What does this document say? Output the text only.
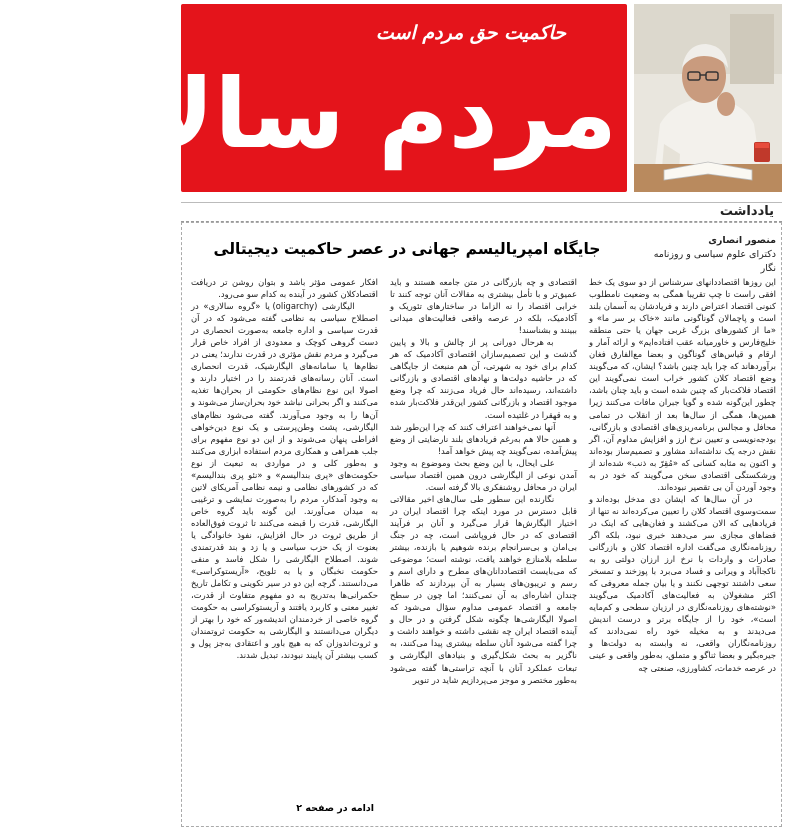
حاکمیت حق مردم است
مردم سالاری
یادداشت
منصور انصاری
دکترای علوم سیاسی و روزنامه نگار
جایگاه امپریالیسم جهانی در عصر حاکمیت دیجیتالی
این روزها اقتصاددانهای سرشناس از دو سوی یک خط افقی راست تا چپ تقریبا همگی به وضعیت نامطلوب کنونی اقتصاد اعتراض دارند و فریادشان به آسمان بلند است و پاچمالان گوناگونی مانند «خاک بر سر ما» و «ما از کشورهای بزرگ غربی جهان یا حتی منطقه خلیج‌فارس و خاورمیانه عقب افتاده‌ایم» و ارائه آمار و ارقام و قیاس‌های گوناگون و بعضا مع‌الفارق فغان برآوردهاند که چرا باید چنین باشد؟ ایشان، که می‌گویند وضع اقتصاد کلان کشور خراب است نمی‌گویند این اقتصاد فلاکت‌بار که چنین شده است و باید چنان باشد، چطور این‌گونه شده و گویا جبران مافات می‌کنند زیرا همین‌ها، همگی از سال‌ها بعد از انقلاب در تمامی محافل و مجالس برنامه‌ریزی‌های اقتصادی و بازرگانی، بودجه‌نویسی و تعیین نرخ ارز و افزایش مداوم آن، اگر نقش درجه یک نداشته‌اند مشاور و تصمیم‌ساز بوده‌اند و اکنون به مثابه کسانی که «مُقِرّ به ذنب» شده‌اند از ورشکستگی اقتصادی سخن می‌گویند که خود در به وجود آوردن آن بی تقصیر نبوده‌اند.
	در آن سال‌ها که ایشان دی مدخل بوده‌اند و سمت‌وسوی اقتصاد کلان را تعیین می‌کرده‌اند نه تنها از فریادهایی که الان می‌کشند و فغان‌هایی که اینک در فضاهای مجازی سر می‌دهند خبری نبود، بلکه اگر روزنامه‌نگاری می‌گفت اداره اقتصاد کلان و بازرگانی صادرات و واردات با نرخ ارز ارزان دولتی رو به ناکجاآباد و ویرانی و فساد می‌برد با پوزخند و تمسخر سعی داشتند توجهی نکنند و یا بیان جمله معروفی که اکثر مشغولان به فعالیت‌های آکادمیک می‌گویند «نوشته‌های روزنامه‌نگاری در ارزیان سطحی و کم‌مایه است»، خود را از جایگاه برتر و درست اندیش می‌دیدند و به مخیله خود راه نمی‌دادند که روزنامه‌نگاران واقعی، نه وابسته به دولت‌ها و جیره‌بگیر و بعضا ثناگو و متملق، به‌طور واقعی و عینی در عرصه خدمات، کشاورزی، صنعتی چه
اقتصادی و چه بازرگانی در متن جامعه هستند و باید عمیق‌تر و با تأمل بیشتری به مقالات آنان توجه کنند تا خرابی اقتصاد را نه الزاما در ساختارهای تئوریک و آکادمیک، بلکه در عرصه واقعی فعالیت‌های میدانی ببینند و بشناسند!
	به هرحال دورانی پر از چالش و بالا و پایین گذشت و این تصمیم‌سازان اقتصادی آکادمیک که هر کدام برای خود به شهرتی، آن هم منبعث از جایگاهی که در حاشیه دولت‌ها و نهادهای اقتصادی و بازرگانی داشته‌اند، رسیده‌اند حال فریاد می‌زنند که چرا وضع موجود اقتصاد و بازرگانی کشور این‌قدر فلاکت‌بار شده و به قهقرا در غلتیده است.
	آنها نمی‌خواهند اعتراف کنند که چرا این‌طور شد و همین حالا هم به‌رغم فریادهای بلند نارضایتی از وضع پیش‌آمده، نمی‌گویند چه پیش خواهد آمد!
	علی ایحال، با این وضع بحث وموضوع به وجود آمدن نوعی از الیگارشی درون همین اقتصاد سیاسی ایران در محافل روشنفکری بالا گرفته است.
	نگارنده این سطور طی سال‌های اخیر مقالاتی قابل دسترس در مورد اینکه چرا اقتصاد ایران در اختیار الیگارش‌ها قرار می‌گیرد و آنان بر فرآیند اقتصادی که در حال فروپاشی است، چه در جنگ بی‌امان و بی‌سرانجام برنده شوهیم یا بازنده، بیشتر سلطه بلامنازع خواهند یافت، نوشته است؛ موضوعی که می‌بایست اقتصاددانان‌های مطرح و دارای اسم و رسم و تریبون‌های بسیار به آن بپردازند که ظاهرا چندان اشاره‌ای به آن نمی‌کنند؛ اما چون در سطح جامعه و اقتصاد عمومی مداوم سؤال می‌شود که اصولا الیگارشی‌ها چگونه شکل گرفتن و در حال و آینده اقتصاد ایران چه نقشی داشته و خواهند داشت و چرا گفته می‌شود آنان سلطه بیشتری پیدا می‌کنند، به ناگزیر به بحث شکل‌گیری و بنیادهای الیگارشی و تبعات عملکرد آنان با آنچه تراستی‌ها گفته می‌شود به‌طور مختصر و موجز می‌پردازیم شاید در تنویر
افکار عمومی مؤثر باشد و بتوان روشن تر دریافت اقتصادکلان کشور در آینده به کدام سو می‌رود.
	الیگارشی (oligarchy) یا «گروه سالاری» در اصطلاح سیاسی به نظامی گفته می‌شود که در آن قدرت سیاسی و اداره جامعه به‌صورت انحصاری در دست گروهی کوچک و معدودی از افراد خاص قرار می‌گیرد و مردم نقش مؤثری در قدرت ندارند؛ یعنی در نظام‌ها یا سامانه‌های الیگارشیک، قدرت انحصاری است. آنان رسانه‌های قدرتمند را در اختیار دارند و اصولا این نوع نظام‌های حکومتی از بحران‌ها تغذیه می‌کنند و اگر بحرانی نباشد خود بحران‌ساز می‌شوند و آن‌ها را به وجود می‌آورند. گفته می‌شود نظام‌های الیگارشی، پشت وطن‌پرستی و یک نوع دین‌خواهی افراطی پنهان می‌شوند و از این دو نوع مفهوم برای جلب همراهی و همکاری مردم استفاده ابزاری می‌کنند و به‌طور کلی و در مواردی به تبعیت از نوع حکومت‌های «پری بندالیسم» و «نئو پری بندالیسم» که در کشورهای نظامی و نیمه نظامی آمریکای لاتین به وجود آمدکار، مردم را به‌صورت نمایشی و ترغیبی به میدان می‌آورند. این گونه باید گروه خاص الیگارشی، قدرت را قبضه می‌کنند تا ثروت فوق‌العاده از طریق ثروت در حال افزایش، نفوذ خانوادگی یا بعنوت از یک حزب سیاسی و یا زد و بند قدرتمندی شوند. اصطلاح الیگارشی را شکل فاسد و منفی حکومت نخبگان و یا به تلویح، «آریستوکراسی» می‌دانستند. گرچه این دو در سیر تکوینی و تکامل تاریخ حکمرانی‌ها به‌تدریج به دو مفهوم متفاوت از قدرت، تغییر معنی و کاربرد یافتند و آریستوکراسی به حکومت گروه خاصی از خردمندان اندیشه‌ور که خود را بهتر از دیگران می‌دانستند و الیگارشی به حکومت ثروتمندان و ثروت‌اندوزان که به هیچ باور و اعتقادی به‌جز پول و کسب بیشتر آن پایبند نبودند، تبدیل شدند.
ادامه در صفحه ۲
